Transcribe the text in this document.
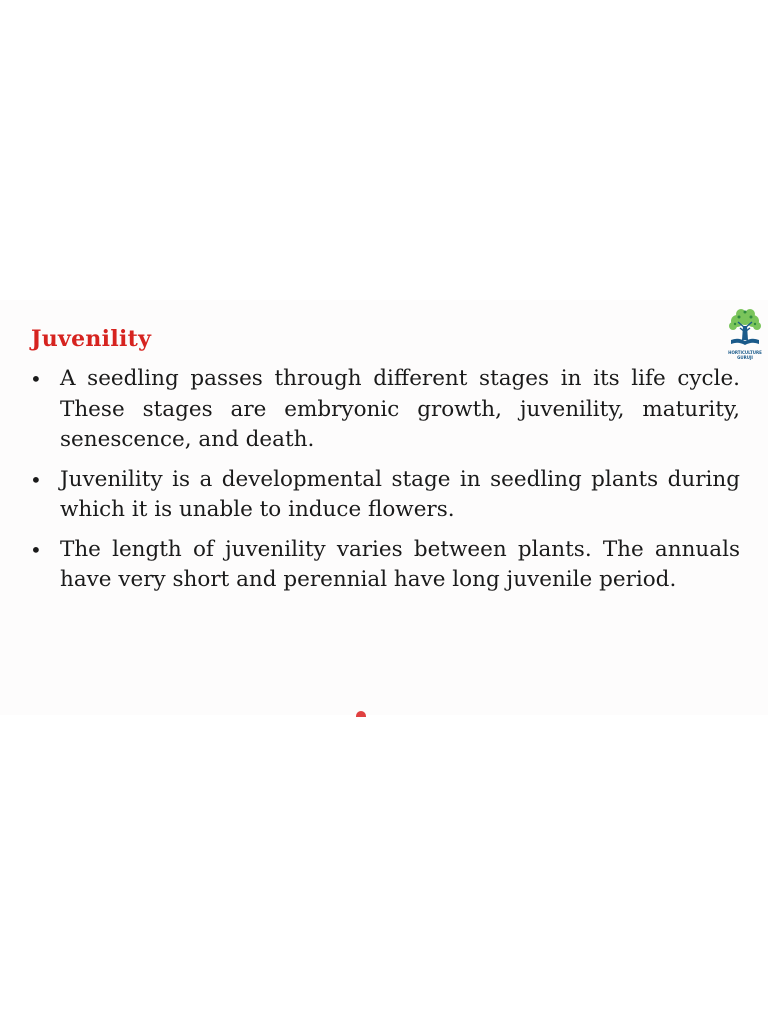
Juvenility
HORTICULTURE GURUJI
• A seedling passes through different stages in its life cycle. These stages are embryonic growth, juvenility, maturity, senescence, and death.
• Juvenility is a developmental stage in seedling plants during which it is unable to induce flowers.
• The length of juvenility varies between plants. The annuals have very short and perennial have long juvenile period.
